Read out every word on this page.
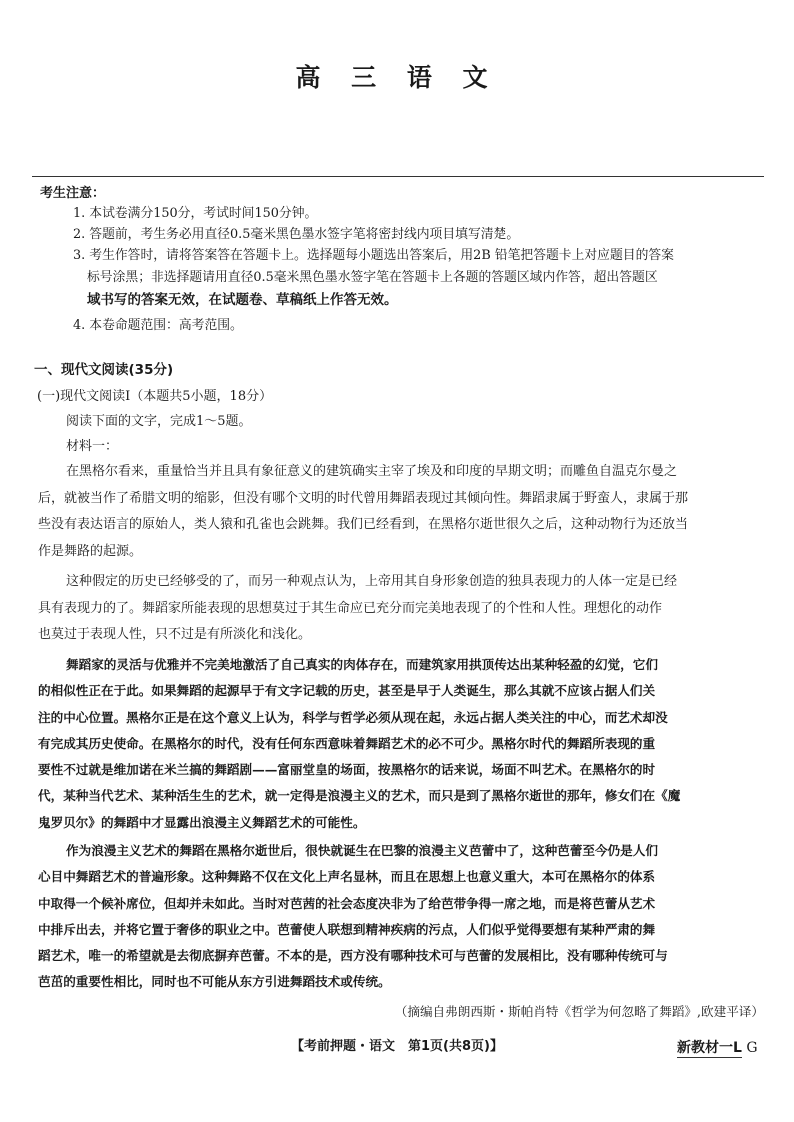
高 三 语 文
考生注意：
1. 本试卷满分150分，考试时间150分钟。
2. 答题前，考生务必用直径0.5毫米黑色墨水签字笔将密封线内项目填写清楚。
3. 考生作答时，请将答案答在答题卡上。选择题每小题选出答案后，用2B 铅笔把答题卡上对应题目的答案
标号涂黑；非选择题请用直径0.5毫米黑色墨水签字笔在答题卡上各题的答题区域内作答，超出答题区
域书写的答案无效，在试题卷、草稿纸上作答无效。
4. 本卷命题范围：高考范围。
一、现代文阅读(35分)
(一)现代文阅读I（本题共5小题，18分）
阅读下面的文字，完成1～5题。
材料一：
在黑格尔看来，重量恰当并且具有象征意义的建筑确实主宰了埃及和印度的早期文明；而雕鱼自温克尔曼之
后，就被当作了希腊文明的缩影，但没有哪个文明的时代曾用舞蹈表现过其倾向性。舞蹈隶属于野蛮人，隶属于那
些没有表达语言的原始人，类人猿和孔雀也会跳舞。我们已经看到，在黑格尔逝世很久之后，这种动物行为还放当
作是舞路的起源。
这种假定的历史已经够受的了，而另一种观点认为，上帝用其自身形象创造的独具表现力的人体一定是已经
具有表现力的了。舞蹈家所能表现的思想莫过于其生命应已充分而完美地表现了的个性和人性。理想化的动作
也莫过于表现人性，只不过是有所淡化和浅化。
舞蹈家的灵活与优雅并不完美地激活了自己真实的肉体存在，而建筑家用拱顶传达出某种轻盈的幻觉，它们
的相似性正在于此。如果舞蹈的起源早于有文字记载的历史，甚至是早于人类诞生，那么其就不应该占据人们关
注的中心位置。黑格尔正是在这个意义上认为，科学与哲学必须从现在起，永远占据人类关注的中心，而艺术却没
有完成其历史使命。在黑格尔的时代，没有任何东西意味着舞蹈艺术的必不可少。黑格尔时代的舞蹈所表现的重
要性不过就是维加诺在米兰搞的舞蹈剧——富丽堂皇的场面，按黑格尔的话来说，场面不叫艺术。在黑格尔的时
代，某种当代艺术、某种活生生的艺术，就一定得是浪漫主义的艺术，而只是到了黑格尔逝世的那年，修女们在《魔
鬼罗贝尔》的舞蹈中才显露出浪漫主义舞蹈艺术的可能性。
作为浪漫主义艺术的舞蹈在黑格尔逝世后，很快就诞生在巴黎的浪漫主义芭蕾中了，这种芭蕾至今仍是人们
心目中舞蹈艺术的普遍形象。这种舞路不仅在文化上声名显林，而且在思想上也意义重大，本可在黑格尔的体系
中取得一个候补席位，但却并未如此。当时对芭茜的社会态度决非为了给芭带争得一席之地，而是将芭蕾从艺术
中排斥出去，并将它置于奢侈的职业之中。芭蕾使人联想到精神疾病的污点，人们似乎觉得要想有某种严肃的舞
蹈艺术，唯一的希望就是去彻底摒弃芭蕾。不本的是，西方没有哪种技术可与芭蕾的发展相比，没有哪种传统可与
芭茁的重要性相比，同时也不可能从东方引进舞蹈技术或传统。
（摘编自弗朗西斯・斯帕肖特《哲学为何忽略了舞蹈》,欧建平译）
【考前押题・语文　第1页(共8页)】	新教材一L G
